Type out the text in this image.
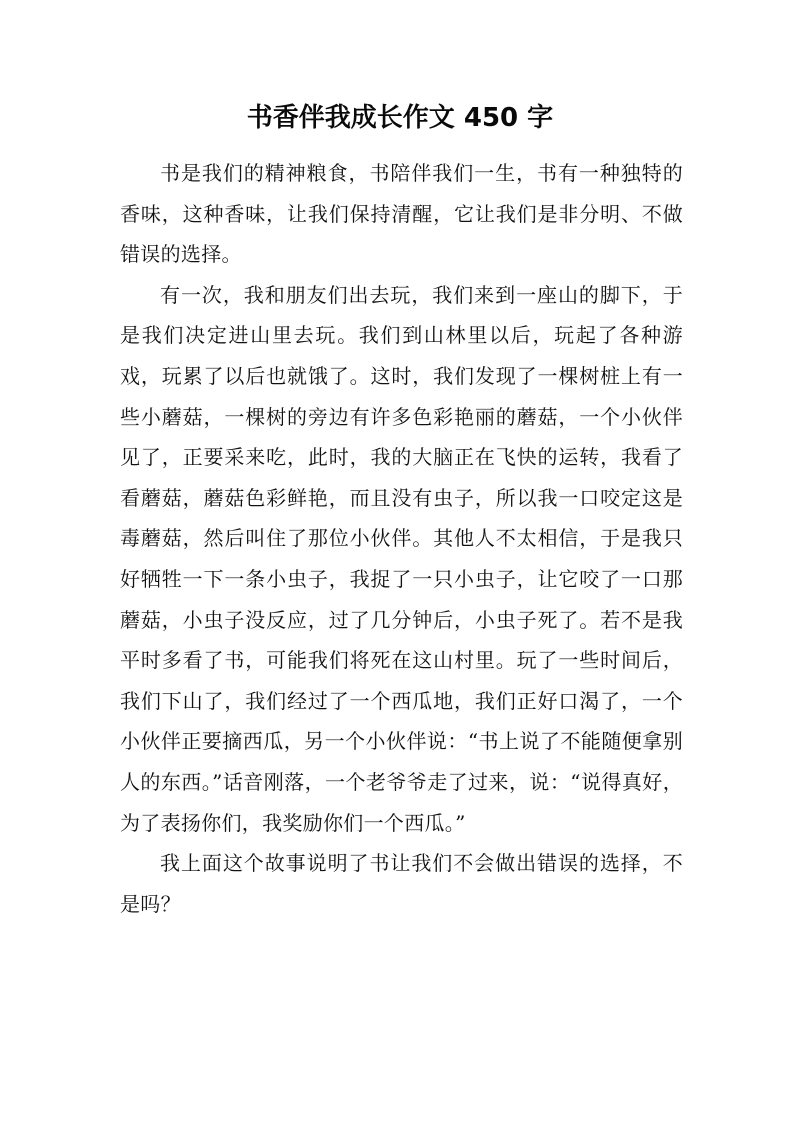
书香伴我成长作文 450 字

书是我们的精神粮食，书陪伴我们一生，书有一种独特的香味，这种香味，让我们保持清醒，它让我们是非分明、不做错误的选择。

有一次，我和朋友们出去玩，我们来到一座山的脚下，于是我们决定进山里去玩。我们到山林里以后，玩起了各种游戏，玩累了以后也就饿了。这时，我们发现了一棵树桩上有一些小蘑菇，一棵树的旁边有许多色彩艳丽的蘑菇，一个小伙伴见了，正要采来吃，此时，我的大脑正在飞快的运转，我看了看蘑菇，蘑菇色彩鲜艳，而且没有虫子，所以我一口咬定这是毒蘑菇，然后叫住了那位小伙伴。其他人不太相信，于是我只好牺牲一下一条小虫子，我捉了一只小虫子，让它咬了一口那蘑菇，小虫子没反应，过了几分钟后，小虫子死了。若不是我平时多看了书，可能我们将死在这山村里。玩了一些时间后，我们下山了，我们经过了一个西瓜地，我们正好口渴了，一个小伙伴正要摘西瓜，另一个小伙伴说：“书上说了不能随便拿别人的东西。”话音刚落，一个老爷爷走了过来，说：“说得真好，为了表扬你们，我奖励你们一个西瓜。”

我上面这个故事说明了书让我们不会做出错误的选择，不是吗？
